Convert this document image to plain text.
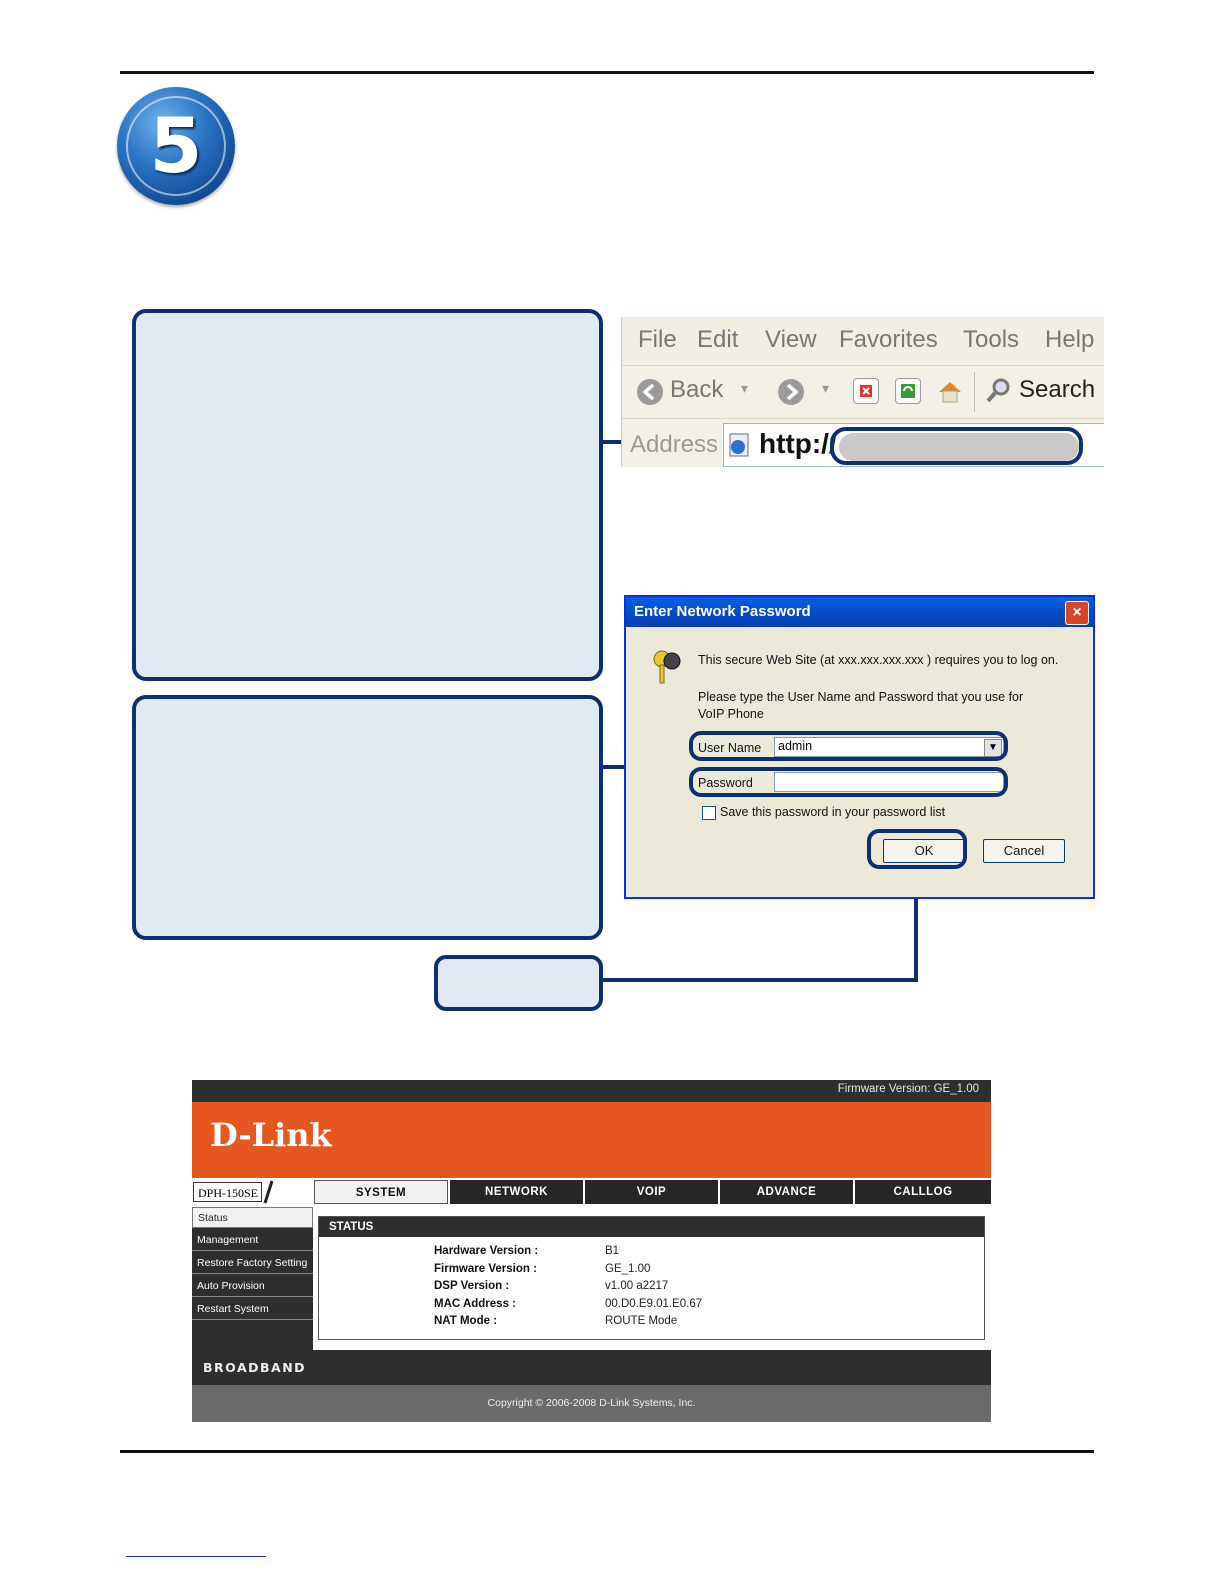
5
File Edit View Favorites Tools Help
Back ▾	▾	Search
Address http://
Enter Network Password	×
This secure Web Site (at xxx.xxx.xxx.xxx ) requires you to log on.
Please type the User Name and Password that you use for
VoIP Phone
User Name admin	▼
Password
Save this password in your password list
OK	Cancel
Firmware Version: GE_1.00
D-Link
DPH-150SE	SYSTEM	NETWORK	VOIP	ADVANCE	CALLLOG
Status
Management
Restore Factory Setting
Auto Provision
Restart System
STATUS
Hardware Version :	B1
Firmware Version :	GE_1.00
DSP Version :	v1.00 a2217
MAC Address :	00.D0.E9.01.E0.67
NAT Mode :	ROUTE Mode
BROADBAND
Copyright © 2006-2008 D-Link Systems, Inc.
